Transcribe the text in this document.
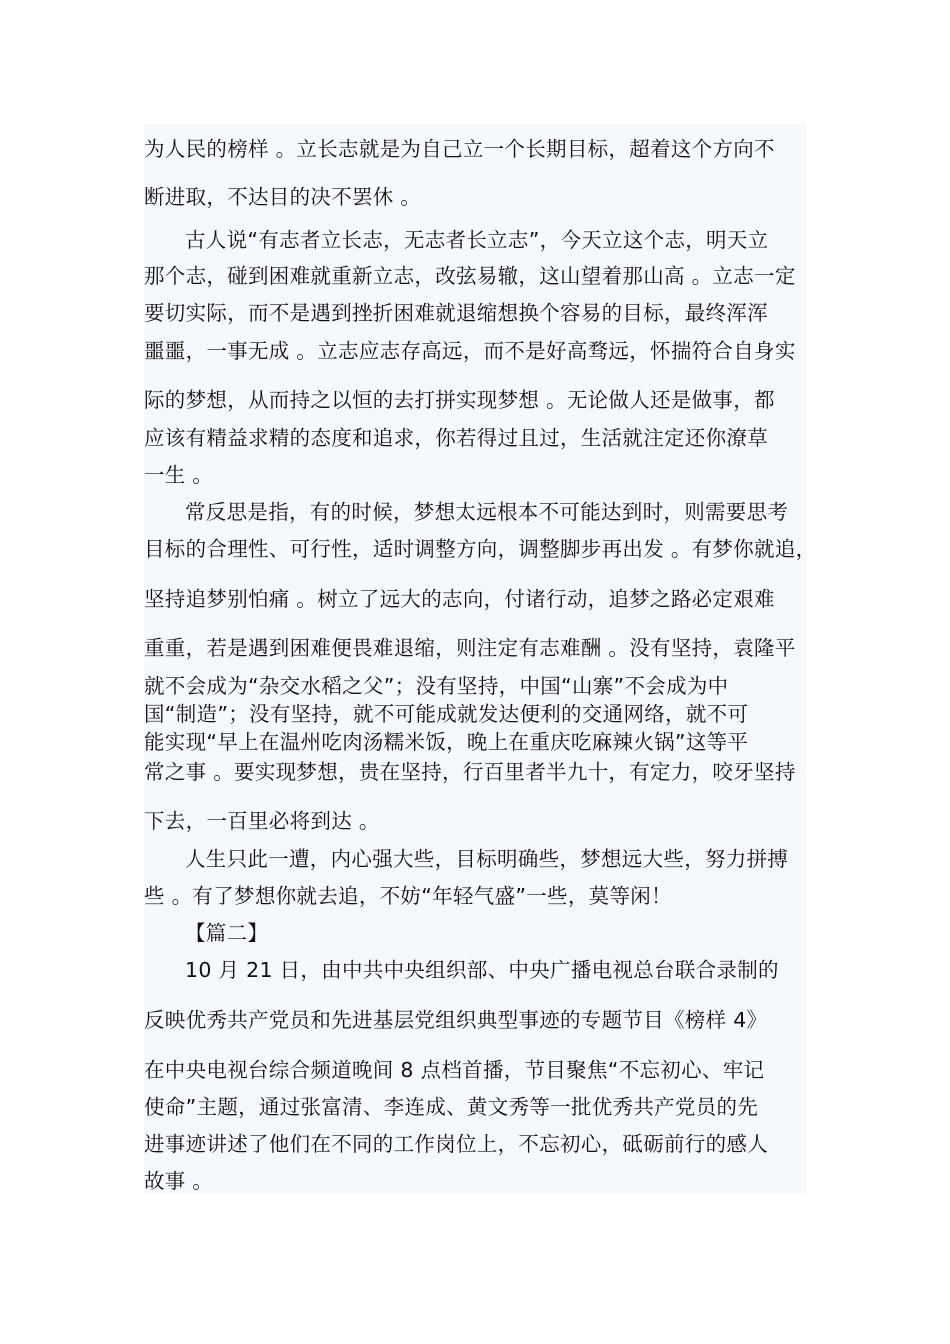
为人民的榜样 。立长志就是为自己立一个长期目标，超着这个方向不
断进取，不达目的决不罢休 。
古人说“有志者立长志，无志者长立志”，今天立这个志，明天立
那个志，碰到困难就重新立志，改弦易辙，这山望着那山高 。立志一定
要切实际，而不是遇到挫折困难就退缩想换个容易的目标，最终浑浑
噩噩，一事无成 。立志应志存高远，而不是好高骛远，怀揣符合自身实
际的梦想，从而持之以恒的去打拼实现梦想 。无论做人还是做事，都
应该有精益求精的态度和追求，你若得过且过，生活就注定还你潦草
一生 。
常反思是指，有的时候，梦想太远根本不可能达到时，则需要思考
目标的合理性、可行性，适时调整方向，调整脚步再出发 。有梦你就追，
坚持追梦别怕痛 。树立了远大的志向，付诸行动，追梦之路必定艰难
重重，若是遇到困难便畏难退缩，则注定有志难酬 。没有坚持，袁隆平
就不会成为“杂交水稻之父”；没有坚持，中国“山寨”不会成为中
国“制造”；没有坚持，就不可能成就发达便利的交通网络，就不可
能实现“早上在温州吃肉汤糯米饭，晚上在重庆吃麻辣火锅”这等平
常之事 。要实现梦想，贵在坚持，行百里者半九十，有定力，咬牙坚持
下去，一百里必将到达 。
人生只此一遭，内心强大些，目标明确些，梦想远大些，努力拼搏
些 。有了梦想你就去追，不妨“年轻气盛”一些，莫等闲！
【篇二】
10 月 21 日，由中共中央组织部、中央广播电视总台联合录制的
反映优秀共产党员和先进基层党组织典型事迹的专题节目《榜样 4》
在中央电视台综合频道晚间 8 点档首播，节目聚焦“不忘初心、牢记
使命”主题，通过张富清、李连成、黄文秀等一批优秀共产党员的先
进事迹讲述了他们在不同的工作岗位上，不忘初心，砥砺前行的感人
故事 。
